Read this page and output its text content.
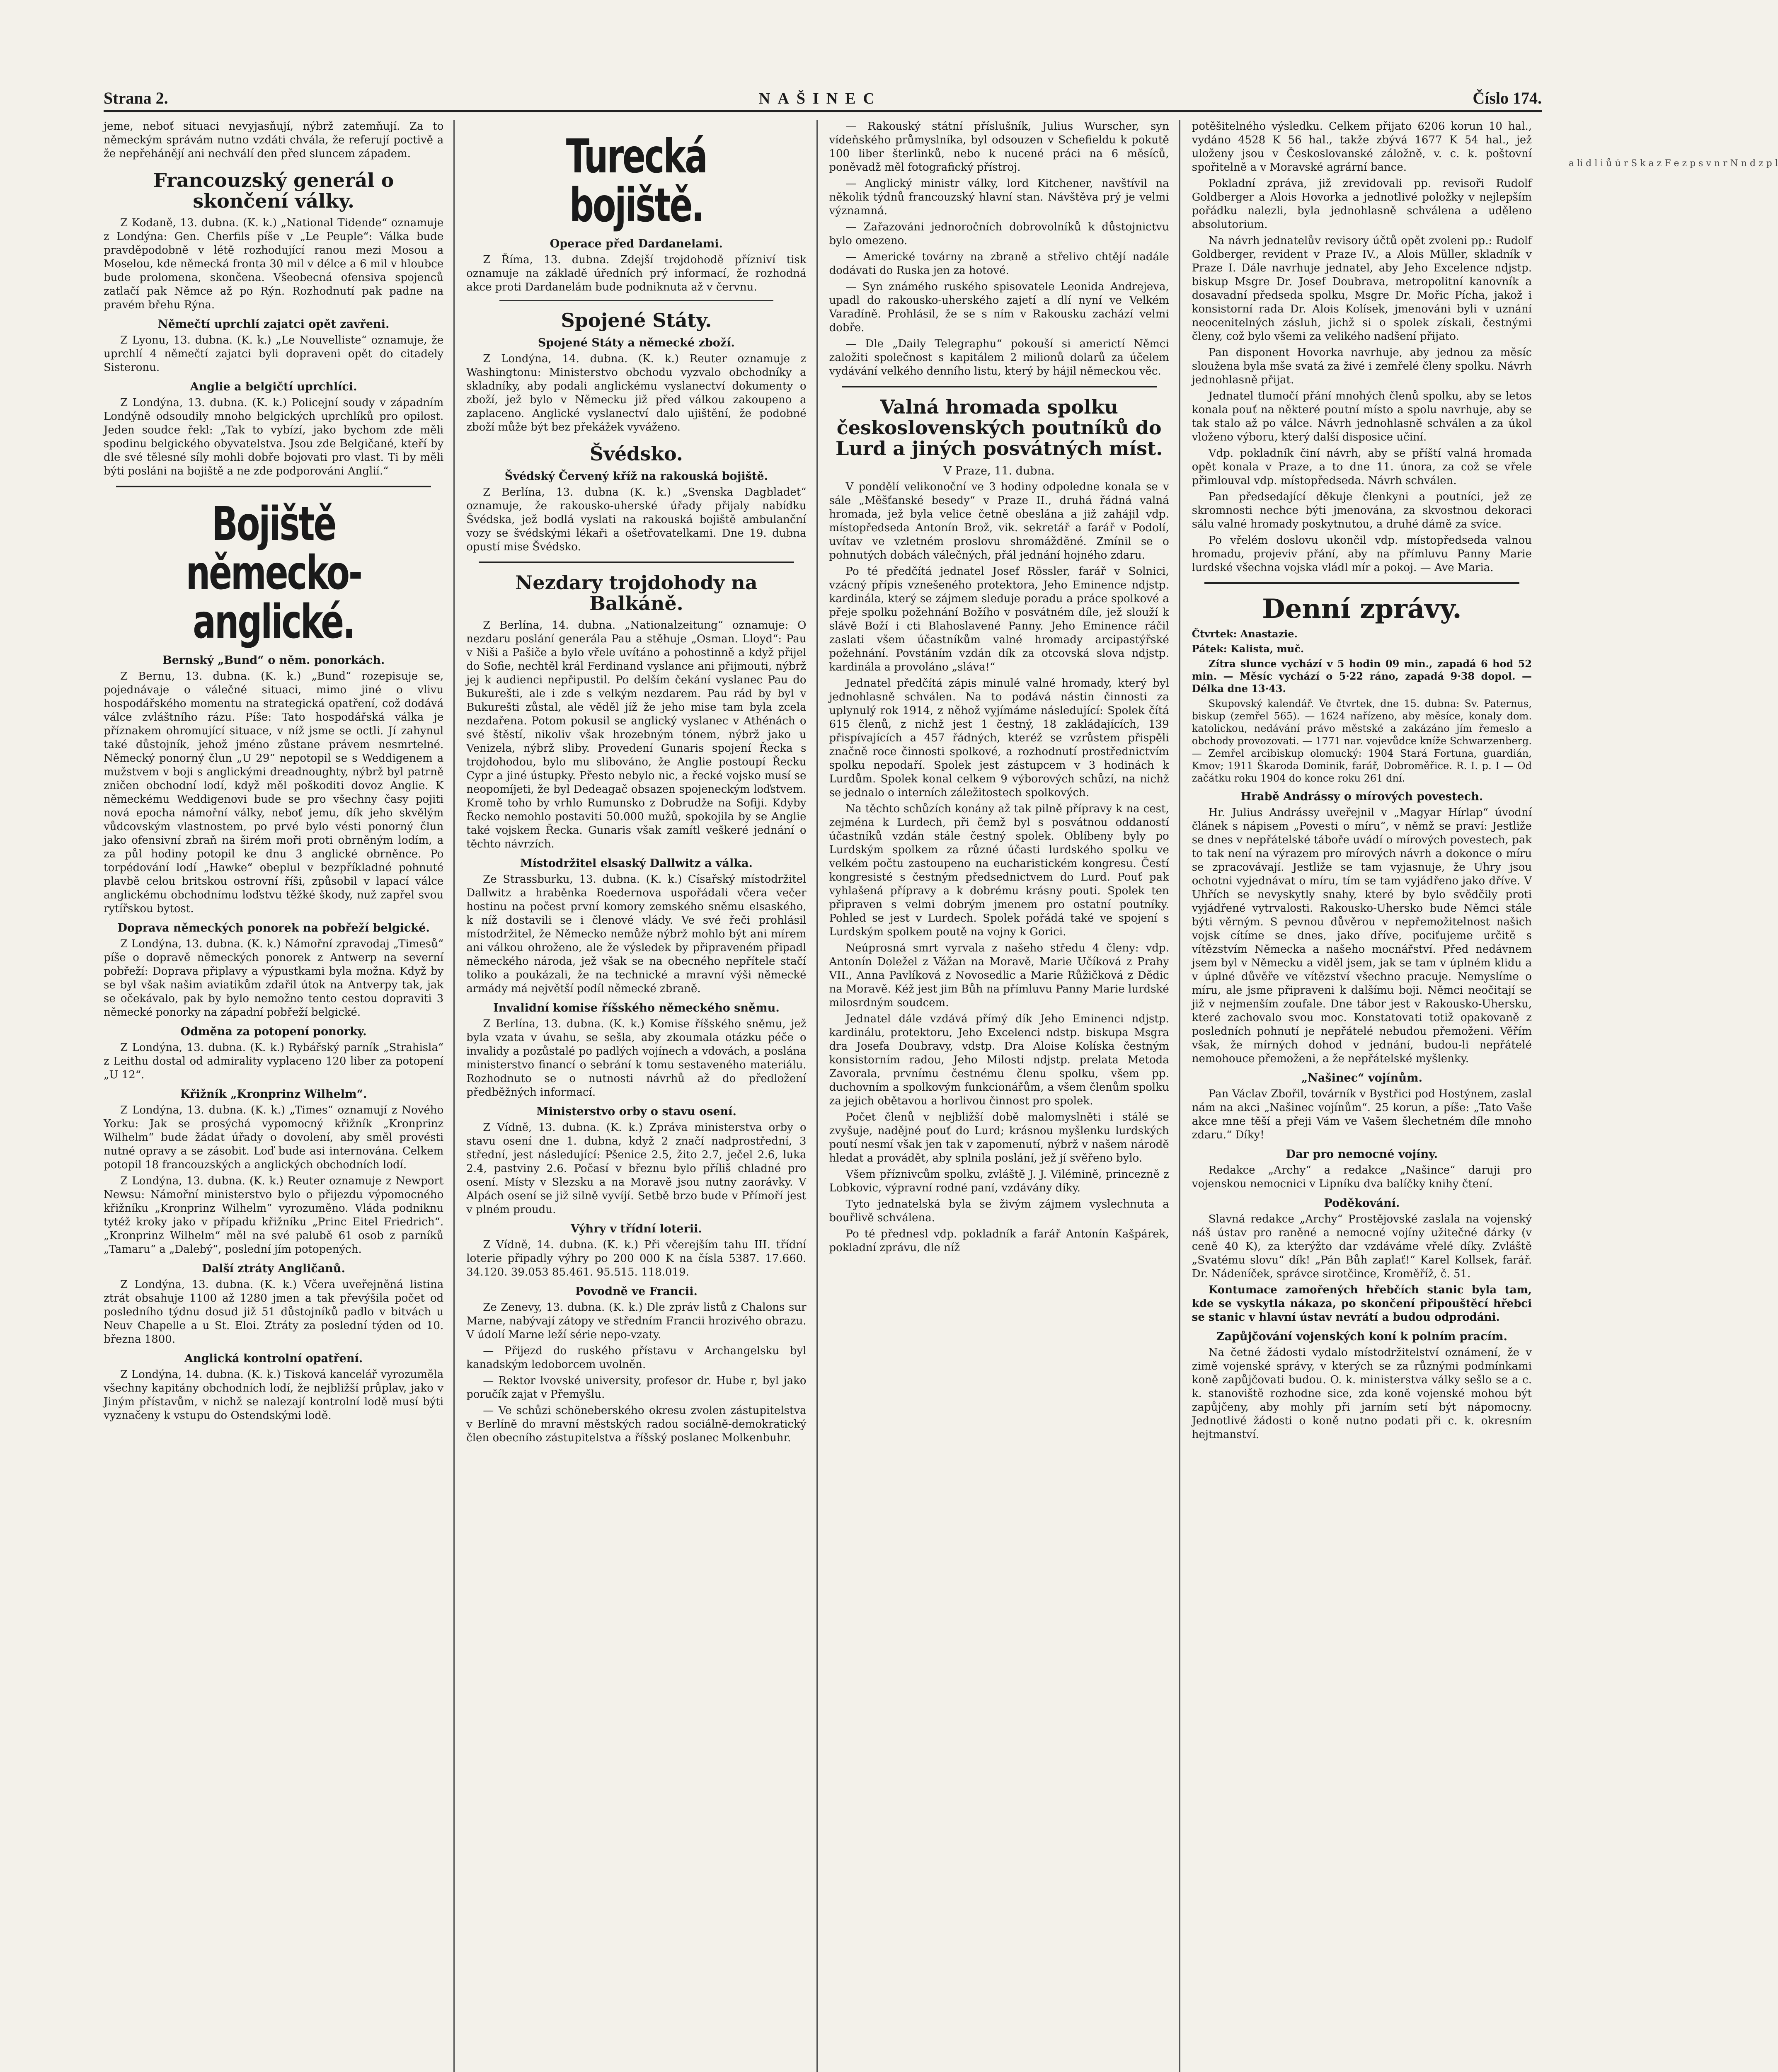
Strana 2.	NAŠINEC	Číslo 174.

jeme, neboť situaci nevyjasňují, nýbrž zatemňují. Za to německým správám nutno vzdáti chvála, že referují poctivě a že nepřehánějí ani nechválí den před sluncem západem.

Francouzský generál o skončení války.

Z Kodaně, 13. dubna. (K. k.) „National Tidende“ oznamuje z Londýna: Gen. Cherfils píše v „Le Peuple“: Válka bude pravděpodobně v létě rozhodující ranou mezi Mosou a Moselou, kde německá fronta 30 mil v délce a 6 mil v hloubce bude prolomena, skončena. Všeobecná ofensiva spojenců zatlačí pak Němce až po Rýn. Rozhodnutí pak padne na pravém břehu Rýna.

Němečtí uprchlí zajatci opět zavřeni.

Z Lyonu, 13. dubna. (K. k.) „Le Nouvelliste“ oznamuje, že uprchlí 4 němečtí zajatci byli dopraveni opět do citadely Sisteronu.

Anglie a belgičtí uprchlíci.

Z Londýna, 13. dubna. (K. k.) Policejní soudy v západním Londýně odsoudily mnoho belgických uprchlíků pro opilost. Jeden soudce řekl: „Tak to vybízí, jako bychom zde měli spodinu belgického obyvatelstva. Jsou zde Belgičané, kteří by dle své tělesné síly mohli dobře bojovati pro vlast. Ti by měli býti posláni na bojiště a ne zde podporováni Anglií.“

Bojiště německo-anglické.
Bernský „Bund“ o něm. ponorkách.

Z Bernu, 13. dubna. (K. k.) „Bund“ rozepisuje se, pojednávaje o válečné situaci, mimo jiné o vlivu hospodářského momentu na strategická opatření, což dodává válce zvláštního rázu. Píše: Tato hospodářská válka je příznakem ohromující situace, v níž jsme se octli. Jí zahynul také důstojník, jehož jméno zůstane právem nesmrtelné. Německý ponorný člun „U 29“ nepotopil se s Weddigenem a mužstvem v boji s anglickými dreadnoughty, nýbrž byl patrně zničen obchodní lodí, když měl poškoditi dovoz Anglie. K německému Weddigenovi bude se pro všechny časy pojiti nová epocha námořní války, neboť jemu, dík jeho skvělým vůdcovským vlastnostem, po prvé bylo vésti ponorný člun jako ofensivní zbraň na širém moři proti obrněným lodím, a za půl hodiny potopil ke dnu 3 anglické obrněnce. Po torpédování lodí „Hawke“ obeplul v bezpříkladné pohnuté plavbě celou britskou ostrovní říši, způsobil v lapací válce anglickému obchodnímu loďstvu těžké škody, nuž zapřel svou rytířskou bytost.

Doprava německých ponorek na pobřeží belgické.

Z Londýna, 13. dubna. (K. k.) Námořní zpravodaj „Timesů“ píše o dopravě německých ponorek z Antwerp na severní pobřeží: Doprava připlavy a výpustkami byla možna. Když by se byl však našim aviatikům zdařil útok na Antverpy tak, jak se očekávalo, pak by bylo nemožno tento cestou dopraviti 3 německé ponorky na západní pobřeží belgické.

Odměna za potopení ponorky.

Z Londýna, 13. dubna. (K. k.) Rybářský parník „Strahisla“ z Leithu dostal od admirality vyplaceno 120 liber za potopení „U 12“.

Křižník „Kronprinz Wilhelm“.

Z Londýna, 13. dubna. (K. k.) „Times“ oznamují z Nového Yorku: Jak se prosýchá vypomocný křižník „Kronprinz Wilhelm“ bude žádat úřady o dovolení, aby směl provésti nutné opravy a se zásobit. Loď bude asi internována. Celkem potopil 18 francouzských a anglických obchodních lodí.

Z Londýna, 13. dubna. (K. k.) Reuter oznamuje z Newport Newsu: Námořní ministerstvo bylo o přijezdu výpomocného křižníku „Kronprinz Wilhelm“ vyrozuměno. Vláda podniknu tytéž kroky jako v případu křižníku „Princ Eitel Friedrich“. „Kronprinz Wilhelm“ měl na své palubě 61 osob z parníků „Tamaru“ a „Dalebý“, poslední jím potopených.

Další ztráty Angličanů.

Z Londýna, 13. dubna. (K. k.) Včera uveřejněná listina ztrát obsahuje 1100 až 1280 jmen a tak převýšila počet od posledního týdnu dosud již 51 důstojníků padlo v bitvách u Neuv Chapelle a u St. Eloi. Ztráty za poslední týden od 10. března 1800.

Anglická kontrolní opatření.

Z Londýna, 14. dubna. (K. k.) Tisková kancelář vyrozuměla všechny kapitány obchodních lodí, že nejbližší průplav, jako v Jiným přístavům, v nichž se nalezají kontrolní lodě musí býti vyznačeny k vstupu do Ostendskými lodě.

Turecká bojiště.
Operace před Dardanelami.

Z Říma, 13. dubna. Zdejší trojdohodě přízniví tisk oznamuje na základě úředních prý informací, že rozhodná akce proti Dardanelám bude podniknuta až v červnu.

Spojené Státy.
Spojené Státy a německé zboží.

Z Londýna, 14. dubna. (K. k.) Reuter oznamuje z Washingtonu: Ministerstvo obchodu vyzvalo obchodníky a skladníky, aby podali anglickému vyslanectví dokumenty o zboží, jež bylo v Německu již před válkou zakoupeno a zaplaceno. Anglické vyslanectví dalo ujištění, že podobné zboží může být bez překážek vyváženo.

Švédsko.
Švédský Červený kříž na rakouská bojiště.

Z Berlína, 13. dubna (K. k.) „Svenska Dagbladet“ oznamuje, že rakousko-uherské úřady přijaly nabídku Švédska, jež bodlá vyslati na rakouská bojiště ambulanční vozy se švédskými lékaři a ošetřovatelkami. Dne 19. dubna opustí mise Švédsko.

Nezdary trojdohody na Balkáně.

Z Berlína, 14. dubna. „Nationalzeitung“ oznamuje: O nezdaru poslání generála Pau a stěhuje „Osman. Lloyd“: Pau v Niši a Pašiče a bylo vřele uvítáno a pohostinně a když přijel do Sofie, nechtěl král Ferdinand vyslance ani přijmouti, nýbrž jej k audienci nepřipustil. Po delším čekání vyslanec Pau do Bukurešti, ale i zde s velkým nezdarem. Pau rád by byl v Bukurešti zůstal, ale věděl jíž že jeho mise tam byla zcela nezdařena. Potom pokusil se anglický vyslanec v Athénách o své štěstí, nikoliv však hrozebným tónem, nýbrž jako u Venizela, nýbrž sliby. Provedení Gunaris spojení Řecka s trojdohodou, bylo mu slibováno, že Anglie postoupí Řecku Cypr a jiné ústupky. Přesto nebylo nic, a řecké vojsko musí se neopomíjeti, že byl Dedeagač obsazen spojeneckým loďstvem. Kromě toho by vrhlo Rumunsko z Dobrudže na Sofiji. Kdyby Řecko nemohlo postaviti 50.000 mužů, spokojila by se Anglie také vojskem Řecka. Gunaris však zamítl veškeré jednání o těchto návrzích.

Místodržitel elsaský Dallwitz a válka.

Ze Strassburku, 13. dubna. (K. k.) Císařský místodržitel Dallwitz a hraběnka Roedernova uspořádali včera večer hostinu na počest první komory zemského sněmu elsaského, k níž dostavili se i členové vlády. Ve své řeči prohlásil místodržitel, že Německo nemůže nýbrž mohlo být ani mírem ani válkou ohroženo, ale že výsledek by připraveném připadl německého národa, jež však se na obecného nepřítele stačí toliko a poukázali, že na technické a mravní výši německé armády má největší podíl německé zbraně.

Invalidní komise říšského německého sněmu.

Z Berlína, 13. dubna. (K. k.) Komise říšského sněmu, jež byla vzata v úvahu, se sešla, aby zkoumala otázku péče o invalidy a pozůstalé po padlých vojínech a vdovách, a poslána ministerstvo financí o sebrání k tomu sestaveného materiálu. Rozhodnuto se o nutnosti návrhů až do předložení předběžných informací.

Ministerstvo orby o stavu osení.

Z Vídně, 13. dubna. (K. k.) Zpráva ministerstva orby o stavu osení dne 1. dubna, když 2 značí nadprostřední, 3 střední, jest následující: Pšenice 2.5, žito 2.7, ječel 2.6, luka 2.4, pastviny 2.6. Počasí v březnu bylo příliš chladné pro osení. Místy v Slezsku a na Moravě jsou nutny zaorávky. V Alpách osení se již silně vyvíjí. Setbě brzo bude v Přímoří jest v plném proudu.

Výhry v třídní loterii.

Z Vídně, 14. dubna. (K. k.) Při včerejším tahu III. třídní loterie připadly výhry po 200 000 K na čísla 5387. 17.660. 34.120. 39.053 85.461. 95.515. 118.019.

Povodně ve Francii.

Ze Zenevy, 13. dubna. (K. k.) Dle zpráv listů z Chalons sur Marne, nabývají zátopy ve středním Francii hrozivého obrazu. V údolí Marne leží série nepo-vzaty.

— Přijezd do ruského přístavu v Archangelsku byl kanadským ledoborcem uvolněn.

— Rektor lvovské university, profesor dr. Hube r, byl jako poručík zajat v Přemyšlu.

— Ve schůzi schöneberského okresu zvolen zástupitelstva v Berlíně do mravní městských radou sociálně-demokratický člen obecního zástupitelstva a říšský poslanec Molkenbuhr.

— Rakouský státní příslušník, Julius Wurscher, syn vídeňského průmyslníka, byl odsouzen v Schefieldu k pokutě 100 liber šterlinků, nebo k nucené práci na 6 měsíců, poněvadž měl fotografický přístroj.

— Anglický ministr války, lord Kitchener, navštívil na několik týdnů francouzský hlavní stan. Návštěva prý je velmi významná.

— Zařazováni jednoročních dobrovolníků k důstojnictvu bylo omezeno.

— Americké továrny na zbraně a střelivo chtějí nadále dodávati do Ruska jen za hotové.

— Syn známého ruského spisovatele Leonida Andrejeva, upadl do rakousko-uherského zajetí a dlí nyní ve Velkém Varadíně. Prohlásil, že se s ním v Rakousku zachází velmi dobře.

— Dle „Daily Telegraphu“ pokouší si americtí Němci založiti společnost s kapitálem 2 milionů dolarů za účelem vydávání velkého denního listu, který by hájil německou věc.

Valná hromada spolku československých poutníků do Lurd a jiných posvátných míst.
V Praze, 11. dubna.

V pondělí velikonoční ve 3 hodiny odpoledne konala se v sále „Měšťanské besedy“ v Praze II., druhá řádná valná hromada, jež byla velice četně obeslána a již zahájil vdp. místopředseda Antonín Brož, vik. sekretář a farář v Podolí, uvítav ve vzletném proslovu shromážděné. Zmínil se o pohnutých dobách válečných, přál jednání hojného zdaru.

Po té předčítá jednatel Josef Rössler, farář v Solnici, vzácný přípis vznešeného protektora, Jeho Eminence ndjstp. kardinála, který se zájmem sleduje poradu a práce spolkové a přeje spolku požehnání Božího v posvátném díle, jež slouží k slávě Boží i cti Blahoslavené Panny. Jeho Eminence ráčil zaslati všem účastníkům valné hromady arcipastýřské požehnání. Povstáním vzdán dík za otcovská slova ndjstp. kardinála a provoláno „sláva!“

Jednatel předčítá zápis minulé valné hromady, který byl jednohlasně schválen. Na to podává nástin činnosti za uplynulý rok 1914, z něhož vyjímáme následující: Spolek čítá 615 členů, z nichž jest 1 čestný, 18 zakládajících, 139 přispívajících a 457 řádných, kteréž se vzrůstem přispěli značně roce činnosti spolkové, a rozhodnutí prostřednictvím spolku nepodaří. Spolek jest zástupcem v 3 hodinách k Lurdům. Spolek konal celkem 9 výborových schůzí, na nichž se jednalo o interních záležitostech spolkových.

Na těchto schůzích konány až tak pilně přípravy k na cest, zejména k Lurdech, při čemž byl s posvátnou oddaností účastníků vzdán stále čestný spolek. Oblíbeny byly po Lurdským spolkem za různé účasti lurdského spolku ve velkém počtu zastoupeno na eucharistickém kongresu. Čestí kongresisté s čestným předsednictvem do Lurd. Pouť pak vyhlašená přípravy a k dobrému krásny pouti. Spolek ten připraven s velmi dobrým jmenem pro ostatní poutníky. Pohled se jest v Lurdech. Spolek pořádá také ve spojení s Lurdským spolkem poutě na vojny k Gorici.

Neúprosná smrt vyrvala z našeho středu 4 členy: vdp. Antonín Doležel z Vážan na Moravě, Marie Učíková z Prahy VII., Anna Pavlíková z Novosedlic a Marie Růžičková z Dědic na Moravě. Kéž jest jim Bůh na přímluvu Panny Marie lurdské milosrdným soudcem.

Jednatel dále vzdává přímý dík Jeho Eminenci ndjstp. kardinálu, protektoru, Jeho Excelenci ndstp. biskupa Msgra dra Josefa Doubravy, vdstp. Dra Aloise Kolíska čestným konsistorním radou, Jeho Milosti ndjstp. prelata Metoda Zavorala, prvnímu čestnému členu spolku, všem pp. duchovním a spolkovým funkcionářům, a všem členům spolku za jejich obětavou a horlivou činnost pro spolek.

Počet členů v nejbližší době malomyslněti i stálé se zvyšuje, nadějné pouť do Lurd; krásnou myšlenku lurdských poutí nesmí však jen tak v zapomenutí, nýbrž v našem národě hledat a provádět, aby splnila poslání, jež jí svěřeno bylo.

Všem příznivcům spolku, zvláště J. J. Vilémině, princezně z Lobkovic, výpravní rodné paní, vzdávány díky.

Tyto jednatelská byla se živým zájmem vyslechnuta a bouřlivě schválena.

Po té přednesl vdp. pokladník a farář Antonín Kašpárek, pokladní zprávu, dle níž

potěšitelného výsledku. Celkem přijato 6206 korun 10 hal., vydáno 4528 K 56 hal., takže zbývá 1677 K 54 hal., jež uloženy jsou v Českoslovanské záložně, v. c. k. poštovní spořitelně a v Moravské agrární bance.

Pokladní zpráva, již zrevidovali pp. revisoři Rudolf Goldberger a Alois Hovorka a jednotlivé položky v nejlepším pořádku nalezli, byla jednohlasně schválena a uděleno absolutorium.

Na návrh jednatelův revisory účtů opět zvoleni pp.: Rudolf Goldberger, revident v Praze IV., a Alois Müller, skladník v Praze I. Dále navrhuje jednatel, aby Jeho Excelence ndjstp. biskup Msgre Dr. Josef Doubrava, metropolitní kanovník a dosavadní předseda spolku, Msgre Dr. Mořic Pícha, jakož i konsistorní rada Dr. Alois Kolísek, jmenováni byli v uznání neocenitelných zásluh, jichž si o spolek získali, čestnými členy, což bylo všemi za velikého nadšení přijato.

Pan disponent Hovorka navrhuje, aby jednou za měsíc sloužena byla mše svatá za živé i zemřelé členy spolku. Návrh jednohlasně přijat.

Jednatel tlumočí přání mnohých členů spolku, aby se letos konala pouť na některé poutní místo a spolu navrhuje, aby se tak stalo až po válce. Návrh jednohlasně schválen a za úkol vloženo výboru, který další disposice učiní.

Vdp. pokladník činí návrh, aby se příští valná hromada opět konala v Praze, a to dne 11. února, za což se vřele přimlouval vdp. místopředseda. Návrh schválen.

Pan předsedající děkuje členkyni a poutníci, jež ze skromnosti nechce býti jmenována, za skvostnou dekoraci sálu valné hromady poskytnutou, a druhé dámě za svíce.

Po vřelém doslovu ukončil vdp. místopředseda valnou hromadu, projeviv přání, aby na přímluvu Panny Marie lurdské všechna vojska vládl mír a pokoj. — Ave Maria.

Denní zprávy.

Čtvrtek: Anastazie.

Pátek: Kalista, muč.

Zítra slunce vychází v 5 hodin 09 min., zapadá 6 hod 52 min. — Měsíc vychází o 5·22 ráno, zapadá 9·38 dopol. — Délka dne 13·43.

Skupovský kalendář. Ve čtvrtek, dne 15. dubna: Sv. Paternus, biskup (zemřel 565). — 1624 nařízeno, aby měsíce, konaly dom. katolickou, nedávání právo městské a zakázáno jím řemeslo a obchody provozovati. — 1771 nar. vojevůdce kníže Schwarzenberg. — Zemřel arcibiskup olomucký: 1904 Stará Fortuna, guardián, Kmov; 1911 Škaroda Dominik, farář, Dobroměřice. R. I. p. I — Od začátku roku 1904 do konce roku 261 dní.

Hrabě Andrássy o mírových povestech.

Hr. Julius Andrássy uveřejnil v „Magyar Hírlap“ úvodní článek s nápisem „Povesti o míru“, v němž se praví: Jestliže se dnes v nepřátelské táboře uvádí o mírových povestech, pak to tak není na výrazem pro mírových návrh a dokonce o míru se zpracovávají. Jestliže se tam vyjasnuje, že Uhry jsou ochotni vyjednávat o míru, tím se tam vyjádřeno jako dříve. V Uhřích se nevyskytly snahy, které by bylo svědčily proti vyjádřené vytrvalosti. Rakousko-Uhersko bude Němci stále býti věrným. S pevnou důvěrou v nepřemožitelnost našich vojsk cítíme se dnes, jako dříve, pociťujeme určitě s vítězstvím Německa a našeho mocnářství. Před nedávnem jsem byl v Německu a viděl jsem, jak se tam v úplném klidu a v úplné důvěře ve vítězství všechno pracuje. Nemyslíme o míru, ale jsme připraveni k dalšímu boji. Němci neočitají se již v nejmenším zoufale. Dne tábor jest v Rakousko-Uhersku, které zachovalo svou moc. Konstatovati totiž opakovaně z posledních pohnutí je nepřátelé nebudou přemoženi. Věřím však, že mírných dohod v jednání, budou-li nepřátelé nemohouce přemoženi, a že nepřátelské myšlenky.

„Našinec“ vojínům.

Pan Václav Zbořil, továrník v Bystřici pod Hostýnem, zaslal nám na akci „Našinec vojínům“. 25 korun, a píše: „Tato Vaše akce mne těší a přeji Vám ve Vašem šlechetném díle mnoho zdaru.“ Díky!

Dar pro nemocné vojíny.

Redakce „Archy“ a redakce „Našince“ daruji pro vojenskou nemocnici v Lipníku dva balíčky knihy čtení.

Poděkování.

Slavná redakce „Archy“ Prostějovské zaslala na vojenský náš ústav pro raněné a nemocné vojíny užitečné dárky (v ceně 40 K), za kterýžto dar vzdáváme vřelé díky. Zvláště „Svatému slovu“ dík! „Pán Bůh zaplať!“ Karel Kollsek, farář. Dr. Nádeníček, správce sirotčince, Kroměříž, č. 51.

Kontumace zamořených hřebčích stanic byla tam, kde se vyskytla nákaza, po skončení připouštěcí hřebci se stanic v hlavní ústav nevrátí a budou odprodáni.

Zapůjčování vojenských koní k polním pracím.

Na četné žádosti vydalo místodržitelství oznámení, že v zimě vojenské správy, v kterých se za různými podmínkami koně zapůjčovati budou. O. k. ministerstva války sešlo se a c. k. stanoviště rozhodne sice, zda koně vojenské mohou být zapůjčeny, aby mohly při jarním setí být nápomocny. Jednotlivé žádosti o koně nutno podati při c. k. okresním hejtmanství.

a li d l i ů ú r S k a z F e z p s v n r N n d z p l
